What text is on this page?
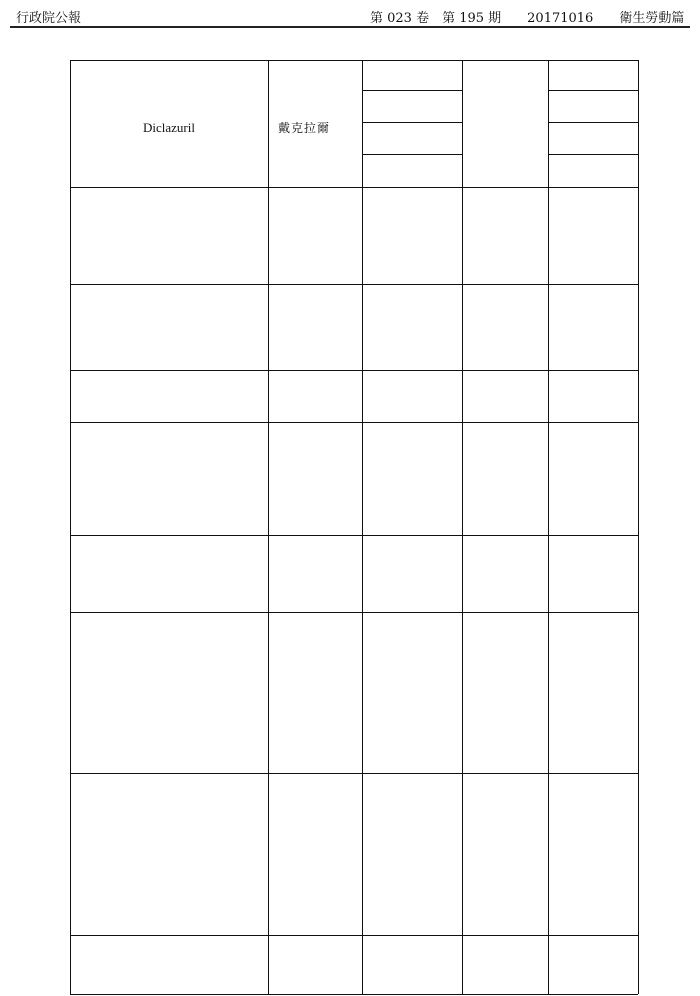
行政院公報	第 023 卷　第 195 期　　20171016　　衛生勞動篇
Diclazuril	戴克拉爾
